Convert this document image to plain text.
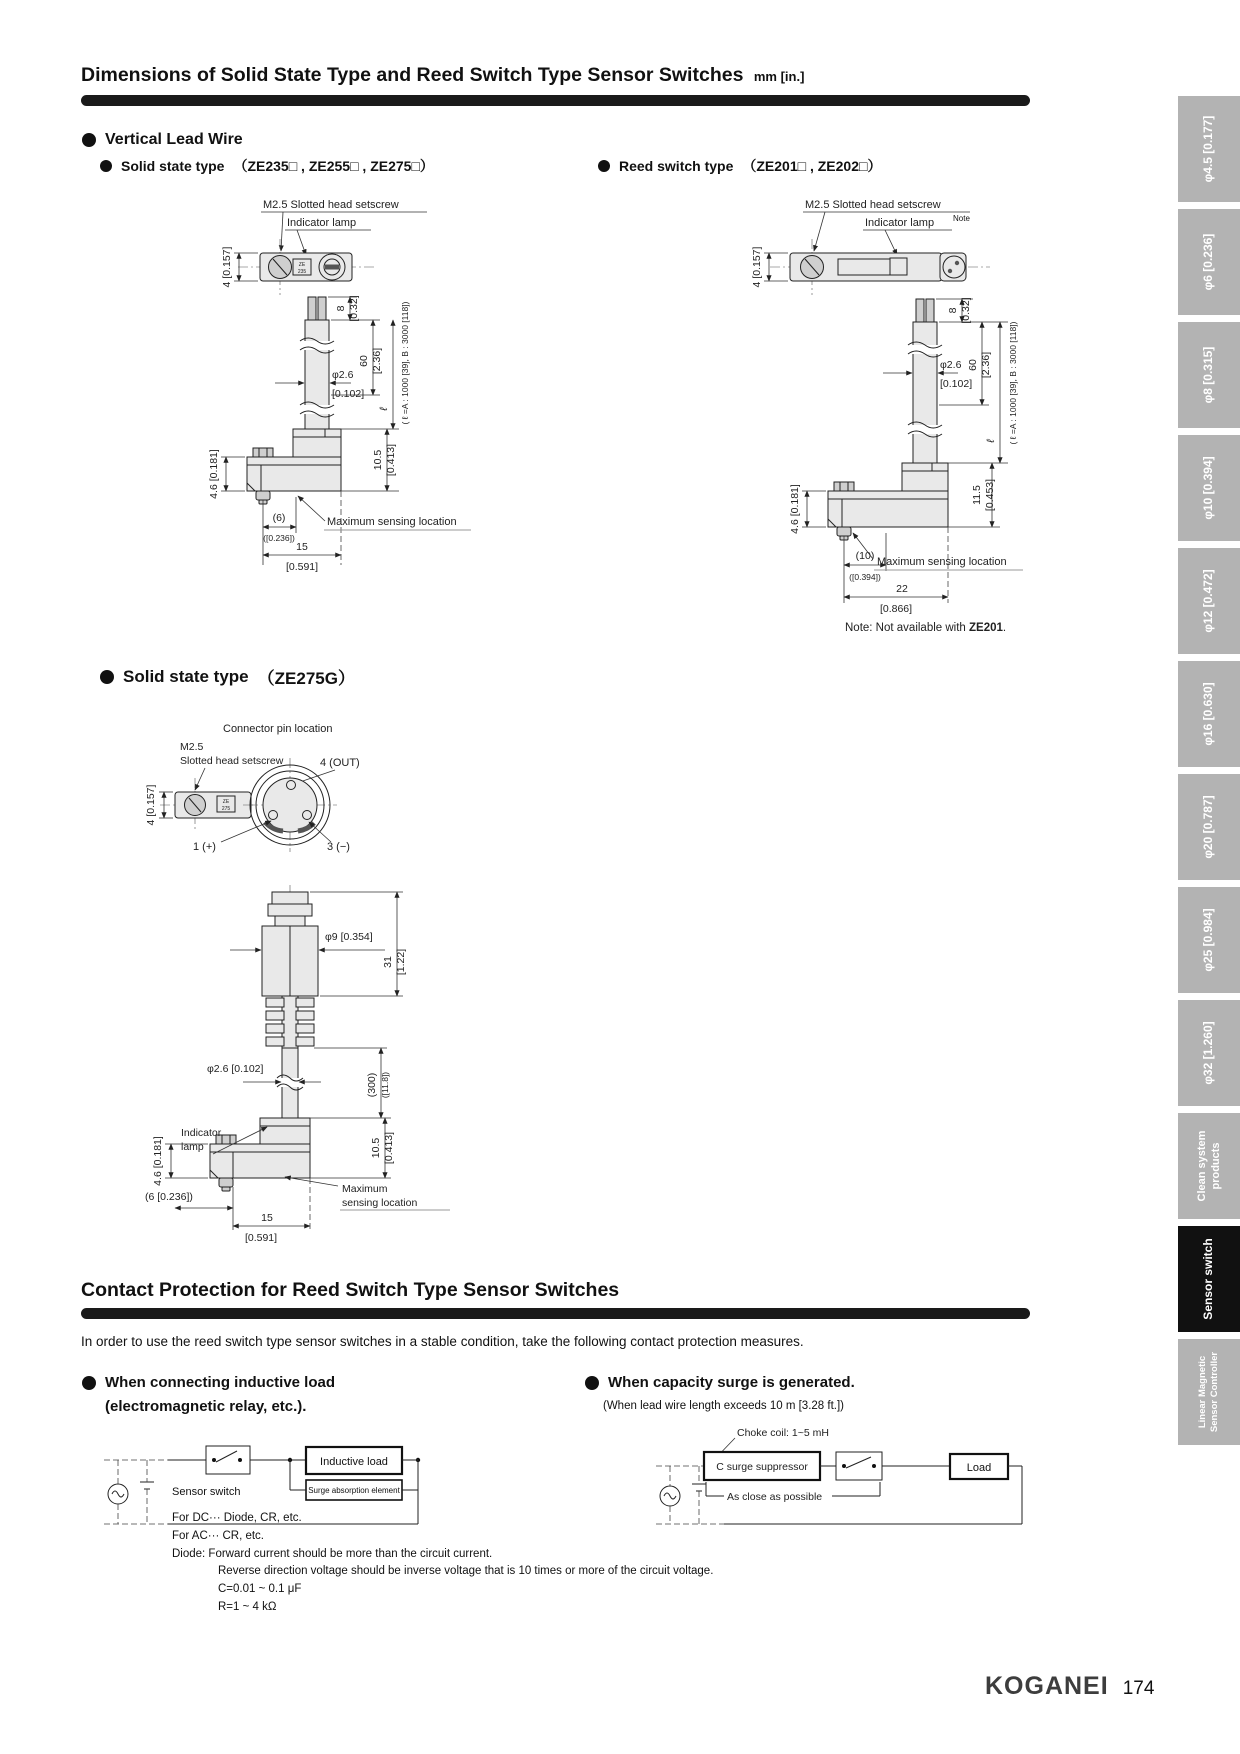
Dimensions of Solid State Type and Reed Switch Type Sensor Switches mm [in.]
Vertical Lead Wire
Solid state type （ZE235□ , ZE255□ , ZE275□）	Reed switch type （ZE201□ , ZE202□）
M2.5 Slotted head setscrew
Indicator lamp
ZE
235
4 [0.157]
φ2.6
[0.102]
8 [0.32]
60 [2.36]
ℓ ( ℓ =A : 1000 [39], B : 3000 [118])
10.5 [0.413]
4.6 [0.181]
(6)
([0.236])
15
[0.591]
Maximum sensing location
M2.5 Slotted head setscrew
Indicator lamp Note
4 [0.157]
φ2.6
[0.102]
8 [0.32]
60 [2.36]
ℓ ( ℓ =A : 1000 [39], B : 3000 [118])
11.5 [0.453]
4.6 [0.181]
(10)
([0.394])
22
[0.866]
Maximum sensing location
Note: Not available with ZE201.
Solid state type （ZE275G）
Connector pin location
M2.5
Slotted head setscrew	4 (OUT)
ZE
275
1 (+)	3 (−)
4 [0.157]
φ9 [0.354]
31 [1.22]
φ2.6 [0.102]
(300) ([11.8])
Indicator
lamp	10.5 [0.413]
4.6 [0.181]
(6 [0.236])
15
[0.591]
Maximum
sensing location
Contact Protection for Reed Switch Type Sensor Switches
In order to use the reed switch type sensor switches in a stable condition, take the following contact protection measures.
When connecting inductive load
(electromagnetic relay, etc.).
When capacity surge is generated.
(When lead wire length exceeds 10 m [3.28 ft.])
Sensor switch
Inductive load
Surge absorption element
Choke coil: 1~5 mH
C surge suppressor	Load
As close as possible
For DC··· Diode, CR, etc.
For AC··· CR, etc.
Diode: Forward current should be more than the circuit current.
Reverse direction voltage should be inverse voltage that is 10 times or more of the circuit voltage.
C=0.01 ~ 0.1 μF
R=1 ~ 4 kΩ
KOGANEI 174
φ4.5 [0.177]
φ6 [0.236]
φ8 [0.315]
φ10 [0.394]
φ12 [0.472]
φ16 [0.630]
φ20 [0.787]
φ25 [0.984]
φ32 [1.260]
Clean system products
Sensor switch
Linear Magnetic Sensor Controller
